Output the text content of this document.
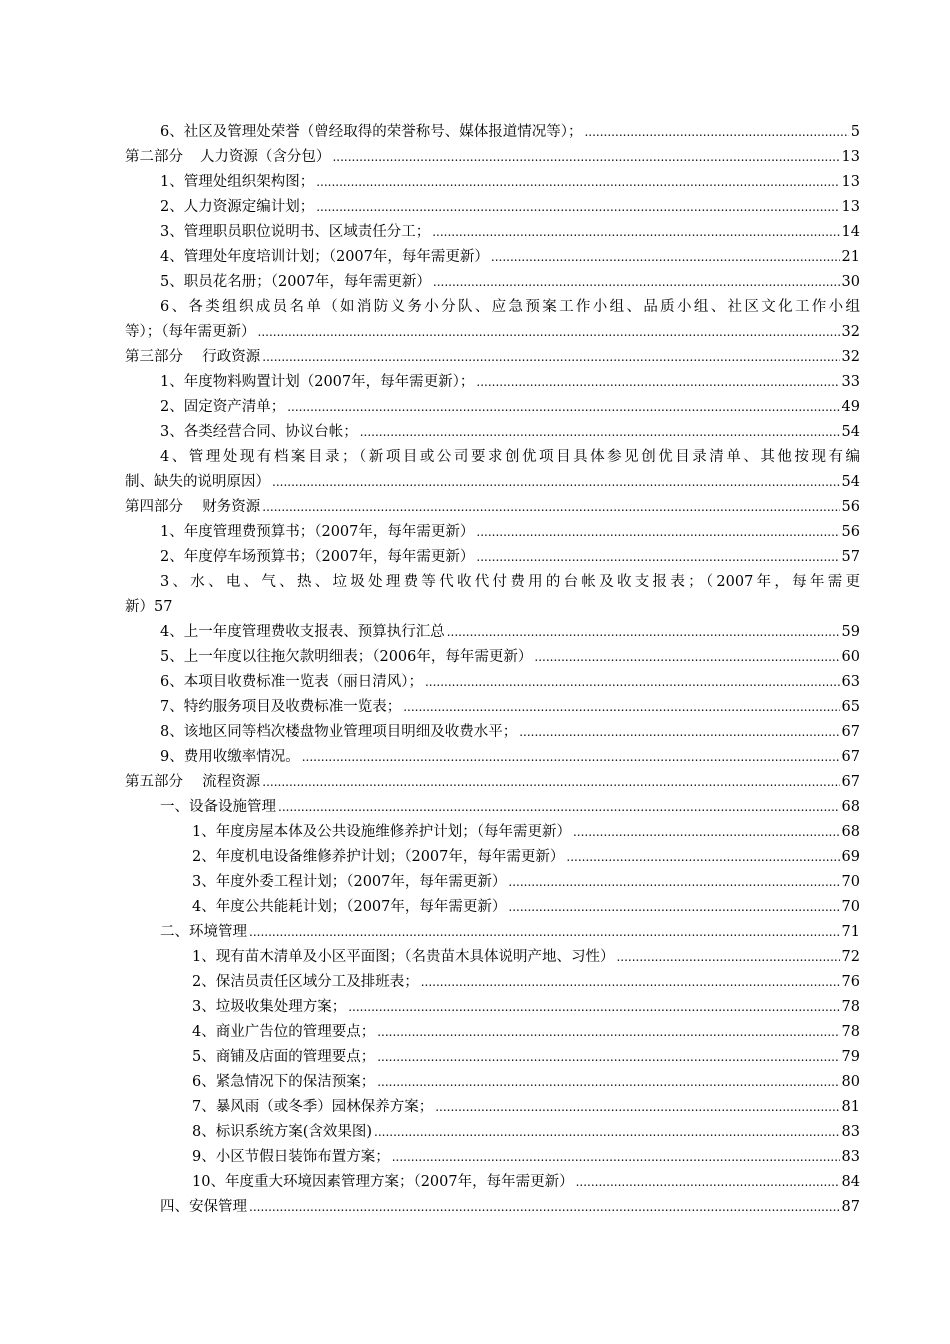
6、社区及管理处荣誉（曾经取得的荣誉称号、媒体报道情况等）； .....	5
第二部分 人力资源（含分包） .....	13
1、管理处组织架构图； .....	13
2、人力资源定编计划； .....	13
3、管理职员职位说明书、区域责任分工； .....	14
4、管理处年度培训计划；（2007年，每年需更新） .....	21
5、职员花名册；（2007年，每年需更新） .....	30
6、各类组织成员名单（如消防义务小分队、应急预案工作小组、品质小组、社区文化工作小组
等）；（每年需更新） .....	32
第三部分 行政资源 .....	32
1、年度物料购置计划（2007年，每年需更新）； .....	33
2、固定资产清单； .....	49
3、各类经营合同、协议台帐； .....	54
4、管理处现有档案目录；（新项目或公司要求创优项目具体参见创优目录清单、其他按现有编
制、缺失的说明原因） .....	54
第四部分 财务资源 .....	56
1、年度管理费预算书；（2007年，每年需更新） .....	56
2、年度停车场预算书；（2007年，每年需更新） .....	57
3、水、电、气、热、垃圾处理费等代收代付费用的台帐及收支报表；（2007年，每年需更
新） 57
4、上一年度管理费收支报表、预算执行汇总 .....	59
5、上一年度以往拖欠款明细表；（2006年，每年需更新） .....	60
6、本项目收费标准一览表（丽日清风）； .....	63
7、特约服务项目及收费标准一览表； .....	65
8、该地区同等档次楼盘物业管理项目明细及收费水平； .....	67
9、费用收缴率情况。 .....	67
第五部分 流程资源 .....	67
一、设备设施管理 .....	68
1、年度房屋本体及公共设施维修养护计划；（每年需更新） .....	68
2、年度机电设备维修养护计划；（2007年，每年需更新） .....	69
3、年度外委工程计划；（2007年，每年需更新） .....	70
4、年度公共能耗计划；（2007年，每年需更新） .....	70
二、环境管理 .....	71
1、现有苗木清单及小区平面图；（名贵苗木具体说明产地、习性） .....	72
2、保洁员责任区域分工及排班表； .....	76
3、垃圾收集处理方案； .....	78
4、商业广告位的管理要点； .....	78
5、商铺及店面的管理要点； .....	79
6、紧急情况下的保洁预案； .....	80
7、暴风雨（或冬季）园林保养方案； .....	81
8、标识系统方案(含效果图) .....	83
9、小区节假日装饰布置方案； .....	83
10、年度重大环境因素管理方案；（2007年，每年需更新） .....	84
四、安保管理 .....	87
